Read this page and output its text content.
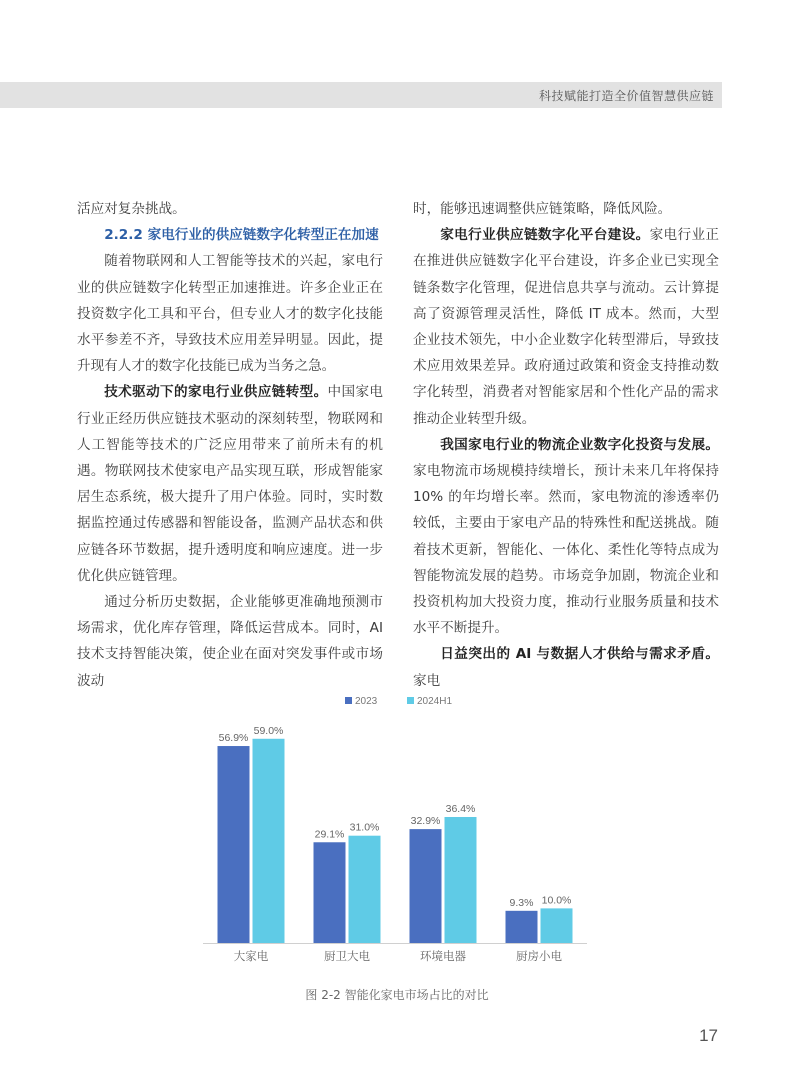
科技赋能打造全价值智慧供应链

活应对复杂挑战。

2.2.2 家电行业的供应链数字化转型正在加速

随着物联网和人工智能等技术的兴起，家电行业的供应链数字化转型正加速推进。许多企业正在投资数字化工具和平台，但专业人才的数字化技能水平参差不齐，导致技术应用差异明显。因此，提升现有人才的数字化技能已成为当务之急。

技术驱动下的家电行业供应链转型。中国家电行业正经历供应链技术驱动的深刻转型，物联网和人工智能等技术的广泛应用带来了前所未有的机遇。物联网技术使家电产品实现互联，形成智能家居生态系统，极大提升了用户体验。同时，实时数据监控通过传感器和智能设备，监测产品状态和供应链各环节数据，提升透明度和响应速度。进一步优化供应链管理。

通过分析历史数据，企业能够更准确地预测市场需求，优化库存管理，降低运营成本。同时，AI 技术支持智能决策，使企业在面对突发事件或市场波动

时，能够迅速调整供应链策略，降低风险。

家电行业供应链数字化平台建设。家电行业正在推进供应链数字化平台建设，许多企业已实现全链条数字化管理，促进信息共享与流动。云计算提高了资源管理灵活性，降低 IT 成本。然而，大型企业技术领先，中小企业数字化转型滞后，导致技术应用效果差异。政府通过政策和资金支持推动数字化转型，消费者对智能家居和个性化产品的需求推动企业转型升级。

我国家电行业的物流企业数字化投资与发展。家电物流市场规模持续增长，预计未来几年将保持 10% 的年均增长率。然而，家电物流的渗透率仍较低，主要由于家电产品的特殊性和配送挑战。随着技术更新，智能化、一体化、柔性化等特点成为智能物流发展的趋势。市场竞争加剧，物流企业和投资机构加大投资力度，推动行业服务质量和技术水平不断提升。

日益突出的 AI 与数据人才供给与需求矛盾。家电

2023	2024H1
56.9%
59.0%
大家电
29.1%
31.0%
厨卫大电
32.9%
36.4%
环境电器
9.3% 10.0%
厨房小电
图 2-2 智能化家电市场占比的对比
17
